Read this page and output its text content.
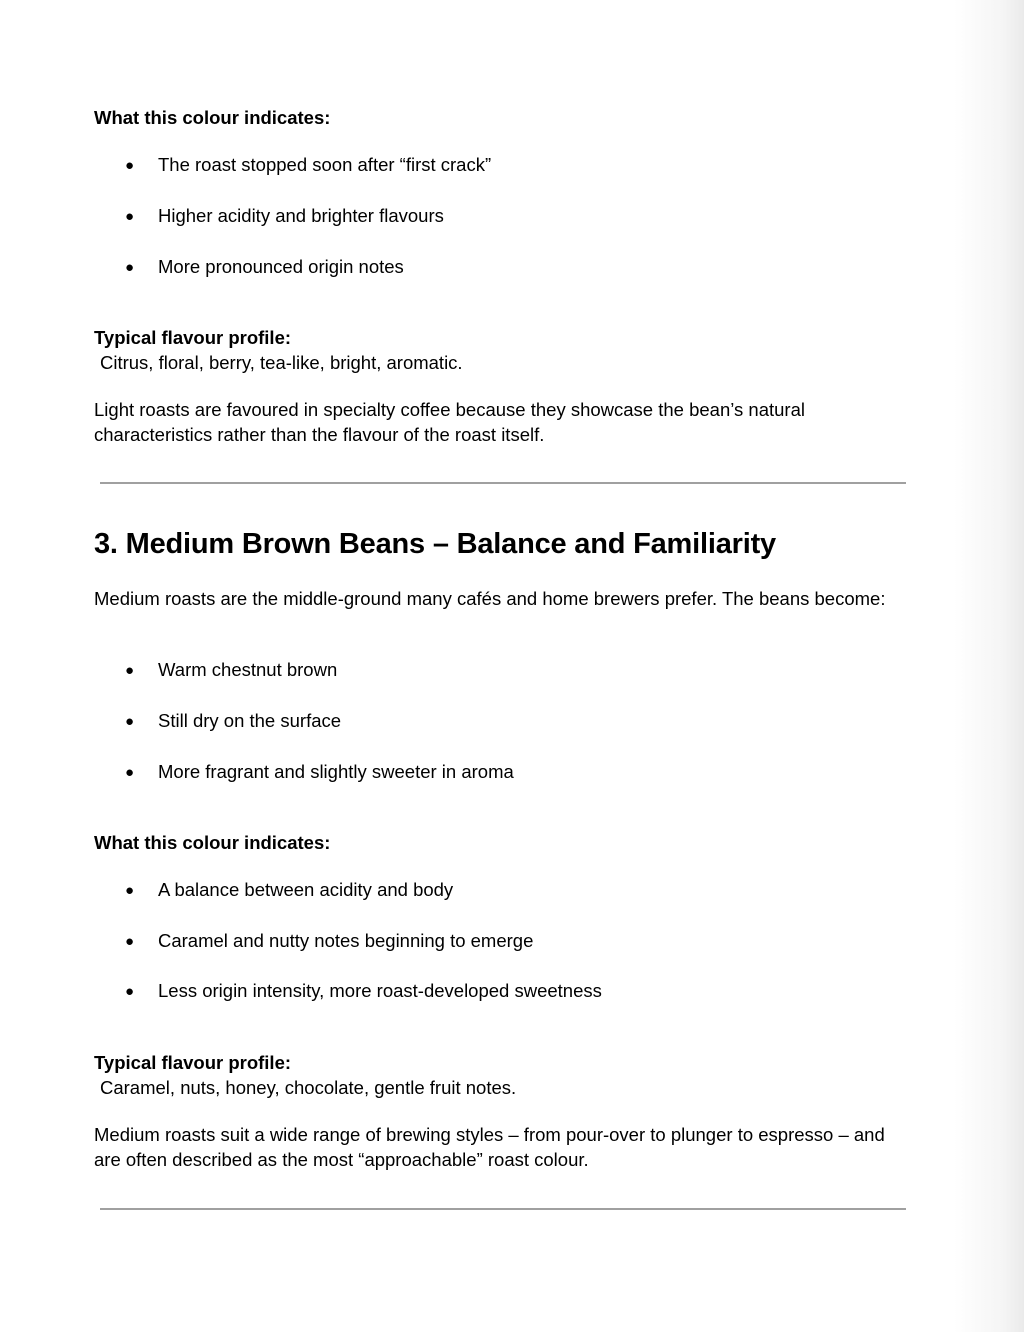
What this colour indicates:
● The roast stopped soon after “first crack”
● Higher acidity and brighter flavours
● More pronounced origin notes
Typical flavour profile:
Citrus, floral, berry, tea-like, bright, aromatic.
Light roasts are favoured in specialty coffee because they showcase the bean’s natural characteristics rather than the flavour of the roast itself.
3. Medium Brown Beans – Balance and Familiarity
Medium roasts are the middle-ground many cafés and home brewers prefer. The beans become:
● Warm chestnut brown
● Still dry on the surface
● More fragrant and slightly sweeter in aroma
What this colour indicates:
● A balance between acidity and body
● Caramel and nutty notes beginning to emerge
● Less origin intensity, more roast-developed sweetness
Typical flavour profile:
Caramel, nuts, honey, chocolate, gentle fruit notes.
Medium roasts suit a wide range of brewing styles – from pour-over to plunger to espresso – and are often described as the most “approachable” roast colour.
